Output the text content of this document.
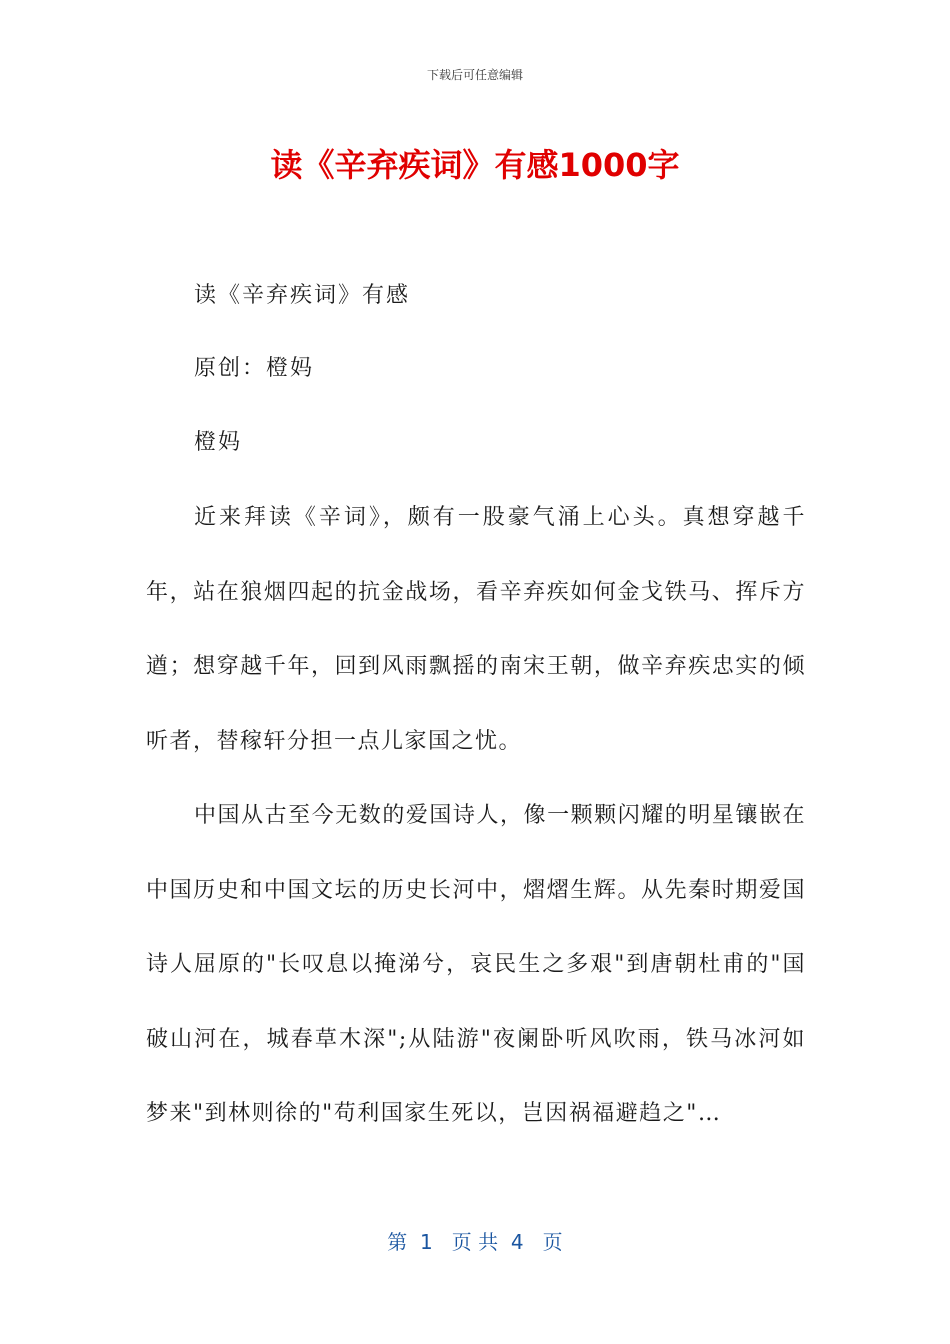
下载后可任意编辑
读《辛弃疾词》有感1000字
读《辛弃疾词》有感
原创：橙妈
橙妈
近来拜读《辛词》，颇有一股豪气涌上心头。真想穿越千年，站在狼烟四起的抗金战场，看辛弃疾如何金戈铁马、挥斥方遒；想穿越千年，回到风雨飘摇的南宋王朝，做辛弃疾忠实的倾听者，替稼轩分担一点儿家国之忧。
中国从古至今无数的爱国诗人，像一颗颗闪耀的明星镶嵌在中国历史和中国文坛的历史长河中，熠熠生辉。从先秦时期爱国诗人屈原的"长叹息以掩涕兮，哀民生之多艰"到唐朝杜甫的"国破山河在，城春草木深";从陆游"夜阑卧听风吹雨，铁马冰河如梦来"到林则徐的"苟利国家生死以，岂因祸福避趋之"…
第  1   页 共  4   页
